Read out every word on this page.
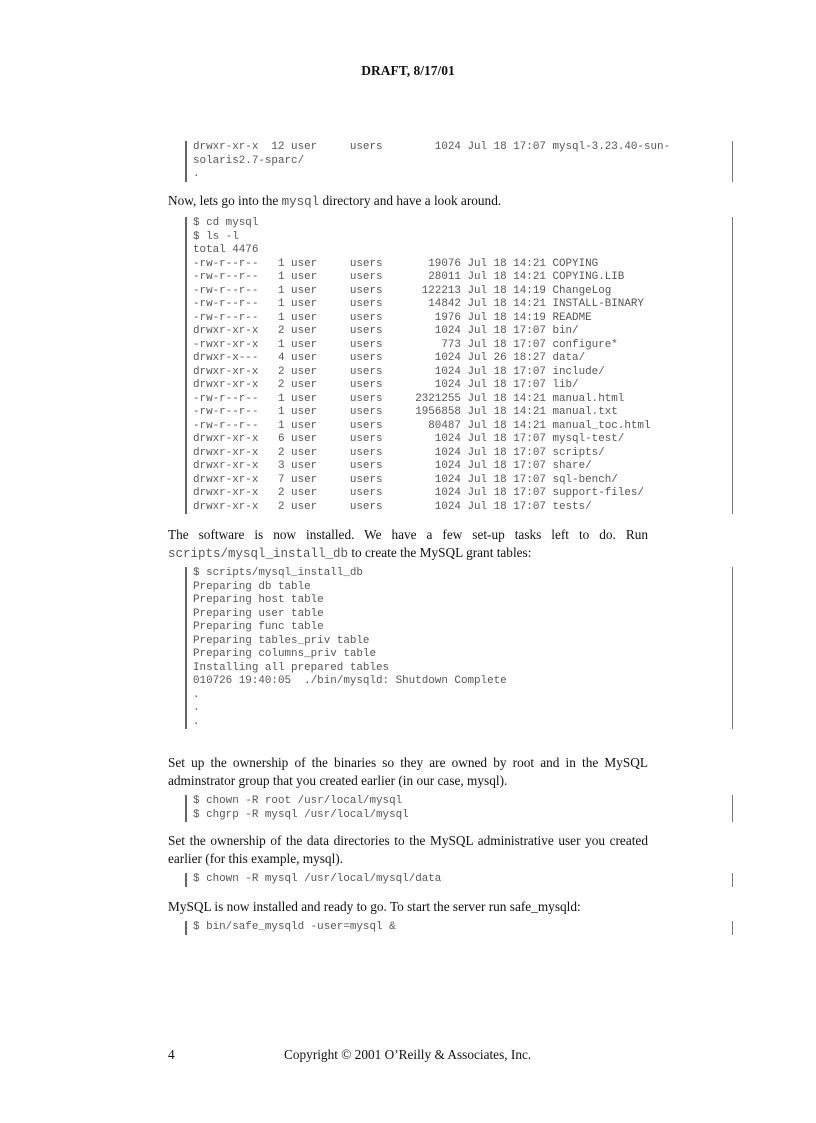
DRAFT, 8/17/01
drwxr-xr-x  12 user     users        1024 Jul 18 17:07 mysql-3.23.40-sun-
solaris2.7-sparc/
.

Now, lets go into the mysql directory and have a look around.

$ cd mysql
$ ls -l
total 4476
-rw-r--r--   1 user     users       19076 Jul 18 14:21 COPYING
-rw-r--r--   1 user     users       28011 Jul 18 14:21 COPYING.LIB
-rw-r--r--   1 user     users      122213 Jul 18 14:19 ChangeLog
-rw-r--r--   1 user     users       14842 Jul 18 14:21 INSTALL-BINARY
-rw-r--r--   1 user     users        1976 Jul 18 14:19 README
drwxr-xr-x   2 user     users        1024 Jul 18 17:07 bin/
-rwxr-xr-x   1 user     users         773 Jul 18 17:07 configure*
drwxr-x---   4 user     users        1024 Jul 26 18:27 data/
drwxr-xr-x   2 user     users        1024 Jul 18 17:07 include/
drwxr-xr-x   2 user     users        1024 Jul 18 17:07 lib/
-rw-r--r--   1 user     users     2321255 Jul 18 14:21 manual.html
-rw-r--r--   1 user     users     1956858 Jul 18 14:21 manual.txt
-rw-r--r--   1 user     users       80487 Jul 18 14:21 manual_toc.html
drwxr-xr-x   6 user     users        1024 Jul 18 17:07 mysql-test/
drwxr-xr-x   2 user     users        1024 Jul 18 17:07 scripts/
drwxr-xr-x   3 user     users        1024 Jul 18 17:07 share/
drwxr-xr-x   7 user     users        1024 Jul 18 17:07 sql-bench/
drwxr-xr-x   2 user     users        1024 Jul 18 17:07 support-files/
drwxr-xr-x   2 user     users        1024 Jul 18 17:07 tests/
The software is now installed. We have a few set-up tasks left to do. Run
scripts/mysql_install_db to create the MySQL grant tables:
$ scripts/mysql_install_db
Preparing db table
Preparing host table
Preparing user table
Preparing func table
Preparing tables_priv table
Preparing columns_priv table
Installing all prepared tables
010726 19:40:05  ./bin/mysqld: Shutdown Complete
.
.
.
Set up the ownership of the binaries so they are owned by root and in the MySQL
adminstrator group that you created earlier (in our case, mysql).
$ chown -R root /usr/local/mysql
$ chgrp -R mysql /usr/local/mysql
Set the ownership of the data directories to the MySQL administrative user you created
earlier (for this example, mysql).
$ chown -R mysql /usr/local/mysql/data

MySQL is now installed and ready to go. To start the server run safe_mysqld:

$ bin/safe_mysqld -user=mysql &
4	Copyright © 2001 O’Reilly & Associates, Inc.
